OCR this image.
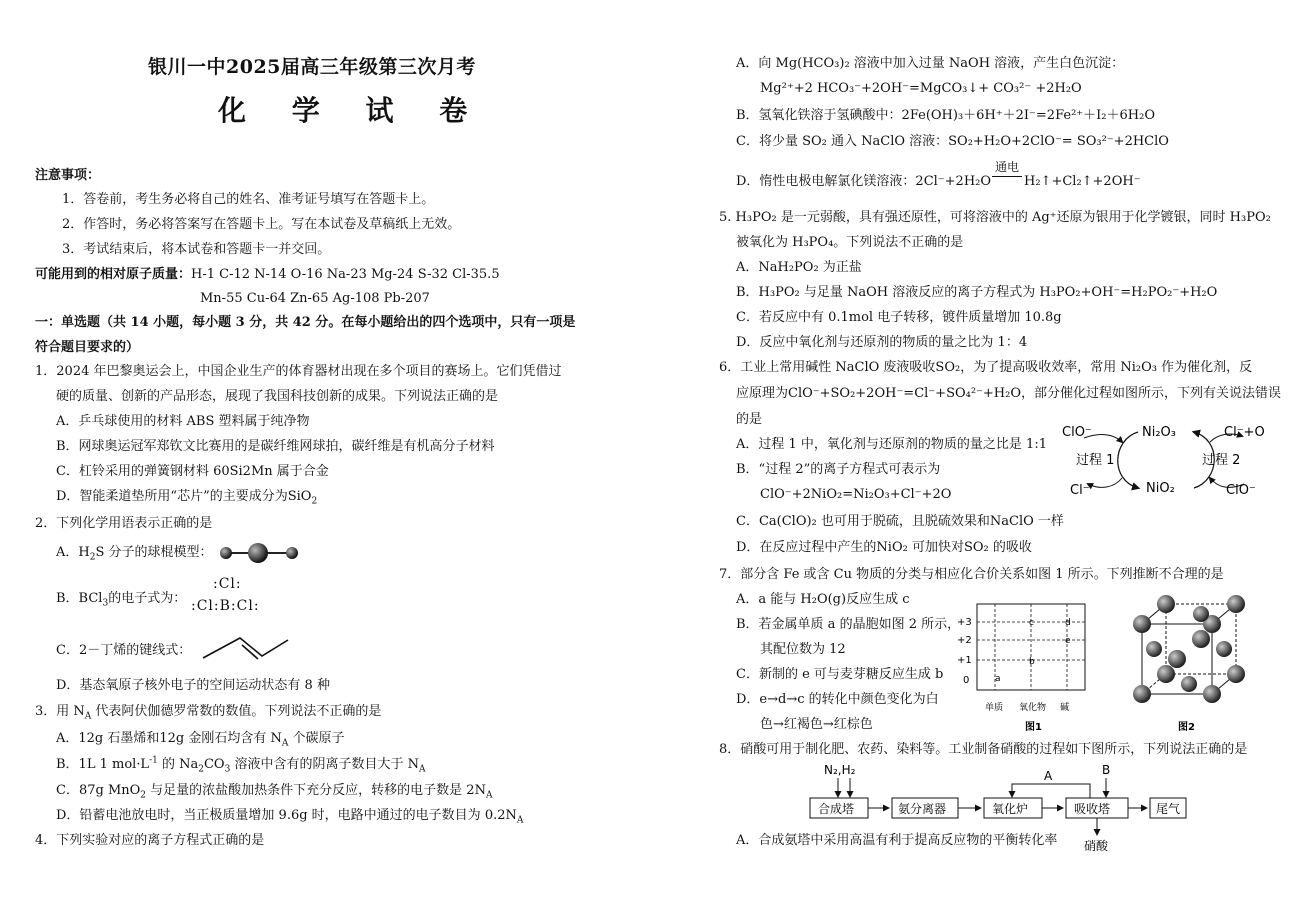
银川一中2025届高三年级第三次月考
化 学 试 卷
注意事项：
1．答卷前，考生务必将自己的姓名、准考证号填写在答题卡上。
2．作答时，务必将答案写在答题卡上。写在本试卷及草稿纸上无效。
3．考试结束后，将本试卷和答题卡一并交回。
可能用到的相对原子质量：H-1 C-12 N-14 O-16 Na-23 Mg-24 S-32 Cl-35.5
Mn-55 Cu-64 Zn-65 Ag-108 Pb-207
一：单选题（共 14 小题，每小题 3 分，共 42 分。在每小题给出的四个选项中，只有一项是
符合题目要求的）
1．2024 年巴黎奥运会上，中国企业生产的体育器材出现在多个项目的赛场上。它们凭借过
硬的质量、创新的产品形态，展现了我国科技创新的成果。下列说法正确的是
A．乒乓球使用的材料 ABS 塑料属于纯净物
B．网球奥运冠军郑钦文比赛用的是碳纤维网球拍，碳纤维是有机高分子材料
C．杠铃采用的弹簧钢材料 60Si2Mn 属于合金
D．智能柔道垫所用“芯片”的主要成分为SiO$_2$
2．下列化学用语表示正确的是
A．$H_2S$ 分子的球棍模型：
B．BCl$_3$的电子式为：
:Cl:
:Cl:B:Cl:
C．2－丁烯的键线式：
D．基态氧原子核外电子的空间运动状态有 8 种
3．用 $N_A$ 代表阿伏伽德罗常数的数值。下列说法不正确的是
A．12g 石墨烯和12g 金刚石均含有 $N_A$ 个碳原子
B．1L 1 $mol\cdot L^{-1}$ 的 $Na_2CO_3$ 溶液中含有的阴离子数目大于 $N_A$
C．87g MnO$_2$ 与足量的浓盐酸加热条件下充分反应，转移的电子数是 $2N_A$
D．铅蓄电池放电时，当正极质量增加 9.6g 时，电路中通过的电子数目为 $0.2N_A$
4．下列实验对应的离子方程式正确的是
A．向 Mg(HCO₃)₂ 溶液中加入过量 NaOH 溶液，产生白色沉淀：
Mg²⁺+2 HCO₃⁻+2OH⁻=MgCO₃↓+ CO₃²⁻ +2H₂O
B．氢氧化铁溶于氢碘酸中：2Fe(OH)₃＋6H⁺＋2I⁻=2Fe²⁺＋I₂＋6H₂O
C．将少量 SO₂ 通入 NaClO 溶液：SO₂+H₂O+2ClO⁻= SO₃²⁻+2HClO
D．惰性电极电解氯化镁溶液：2Cl⁻+2H₂O
通电
H₂↑+Cl₂↑+2OH⁻
5. H₃PO₂ 是一元弱酸，具有强还原性，可将溶液中的 Ag⁺还原为银用于化学镀银，同时 H₃PO₂
被氧化为 H₃PO₄。下列说法不正确的是
A．NaH₂PO₂ 为正盐
B．H₃PO₂ 与足量 NaOH 溶液反应的离子方程式为 H₃PO₂+OH⁻=H₂PO₂⁻+H₂O
C．若反应中有 0.1mol 电子转移，镀件质量增加 10.8g
D．反应中氧化剂与还原剂的物质的量之比为 1：4
6．工业上常用碱性 NaClO 废液吸收SO₂，为了提高吸收效率，常用 Ni₂O₃ 作为催化剂，反
应原理为ClO⁻+SO₂+2OH⁻=Cl⁻+SO₄²⁻+H₂O，部分催化过程如图所示，下列有关说法错误
的是
A．过程 1 中，氧化剂与还原剂的物质的量之比是 1:1
B．“过程 2”的离子方程式可表示为
ClO⁻+2NiO₂=Ni₂O₃+Cl⁻+2O
C．Ca(ClO)₂ 也可用于脱硫，且脱硫效果和NaClO 一样
D．在反应过程中产生的NiO₂ 可加快对SO₂ 的吸收
ClO⁻
Cl⁻
Ni₂O₃
NiO₂
过程 1	过程 2
Cl⁻+O
ClO⁻
7．部分含 Fe 或含 Cu 物质的分类与相应化合价关系如图 1 所示。下列推断不合理的是
A．a 能与 H₂O(g)反应生成 c
B．若金属单质 a 的晶胞如图 2 所示，
其配位数为 12
C．新制的 e 可与麦芽糖反应生成 b
D．e→d→c 的转化中颜色变化为白
色→红褐色→红棕色
+3
+2
+1
0	a
b
c	d
e
单质 氧化物 碱
图1	图2
8．硝酸可用于制化肥、农药、染料等。工业制备硝酸的过程如下图所示，下列说法正确的是
N₂,H₂
合成塔	氨分离器	氧化炉	吸收塔	尾气
A	B
硝酸
A．合成氨塔中采用高温有利于提高反应物的平衡转化率
